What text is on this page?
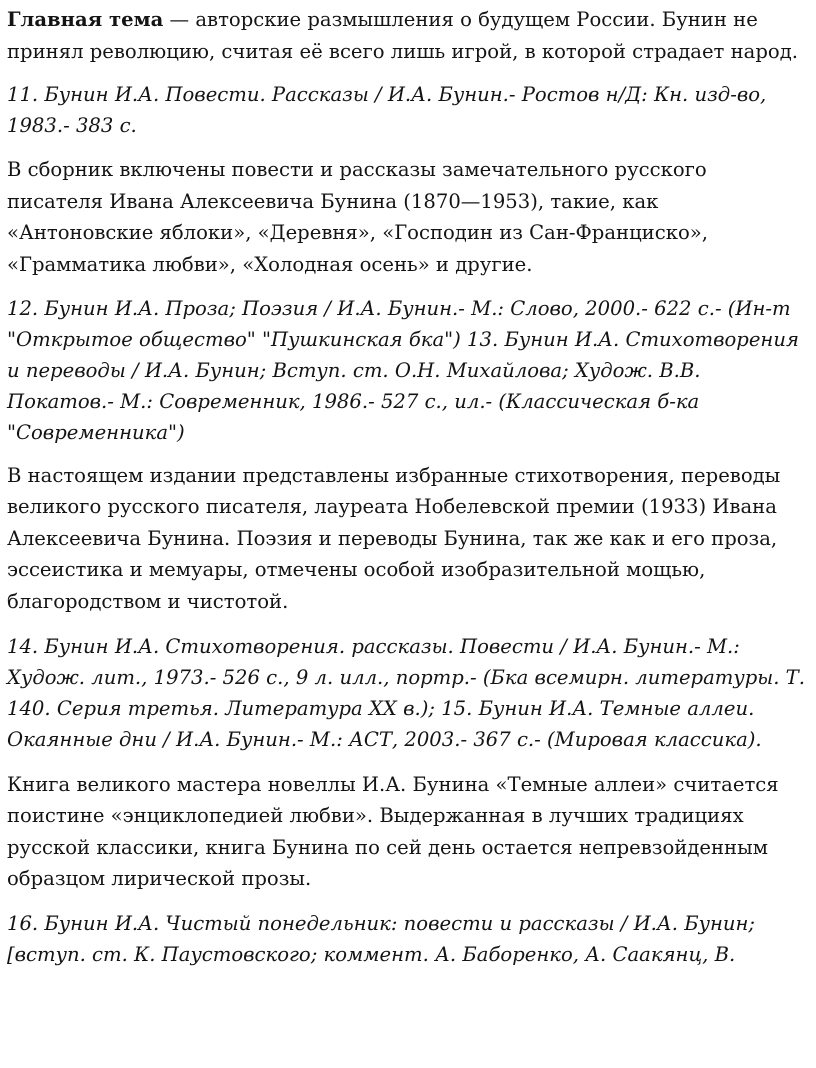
Главная тема — авторские размышления о будущем России. Бунин не принял революцию, считая её всего лишь игрой, в которой страдает народ.

11. Бунин И.А. Повести. Рассказы / И.А. Бунин.- Ростов н/Д: Кн. изд-во, 1983.- 383 с.

В сборник включены повести и рассказы замечательного русского писателя Ивана Алексеевича Бунина (1870—1953), такие, как «Антоновские яблоки», «Деревня», «Господин из Сан-Франциско», «Грамматика любви», «Холодная осень» и другие.

12. Бунин И.А. Проза; Поэзия / И.А. Бунин.- М.: Слово, 2000.- 622 с.- (Ин-т "Открытое общество" "Пушкинская бка") 13. Бунин И.А. Стихотворения и переводы / И.А. Бунин; Вступ. ст. О.Н. Михайлова; Худож. В.В. Покатов.- М.: Современник, 1986.- 527 с., ил.- (Классическая б-ка "Современника")

В настоящем издании представлены избранные стихотворения, переводы великого русского писателя, лауреата Нобелевской премии (1933) Ивана Алексеевича Бунина. Поэзия и переводы Бунина, так же как и его проза, эссеистика и мемуары, отмечены особой изобразительной мощью, благородством и чистотой.

14. Бунин И.А. Стихотворения. рассказы. Повести / И.А. Бунин.- М.: Худож. лит., 1973.- 526 с., 9 л. илл., портр.- (Бка всемирн. литературы. Т. 140. Серия третья. Литература XX в.); 15. Бунин И.А. Темные аллеи. Окаянные дни / И.А. Бунин.- М.: АСТ, 2003.- 367 с.- (Мировая классика).

Книга великого мастера новеллы И.А. Бунина «Темные аллеи» считается поистине «энциклопедией любви». Выдержанная в лучших традициях русской классики, книга Бунина по сей день остается непревзойденным образцом лирической прозы.

16. Бунин И.А. Чистый понедельник: повести и рассказы / И.А. Бунин; [вступ. ст. К. Паустовского; коммент. А. Бабоpенко, А. Саакянц, В.
